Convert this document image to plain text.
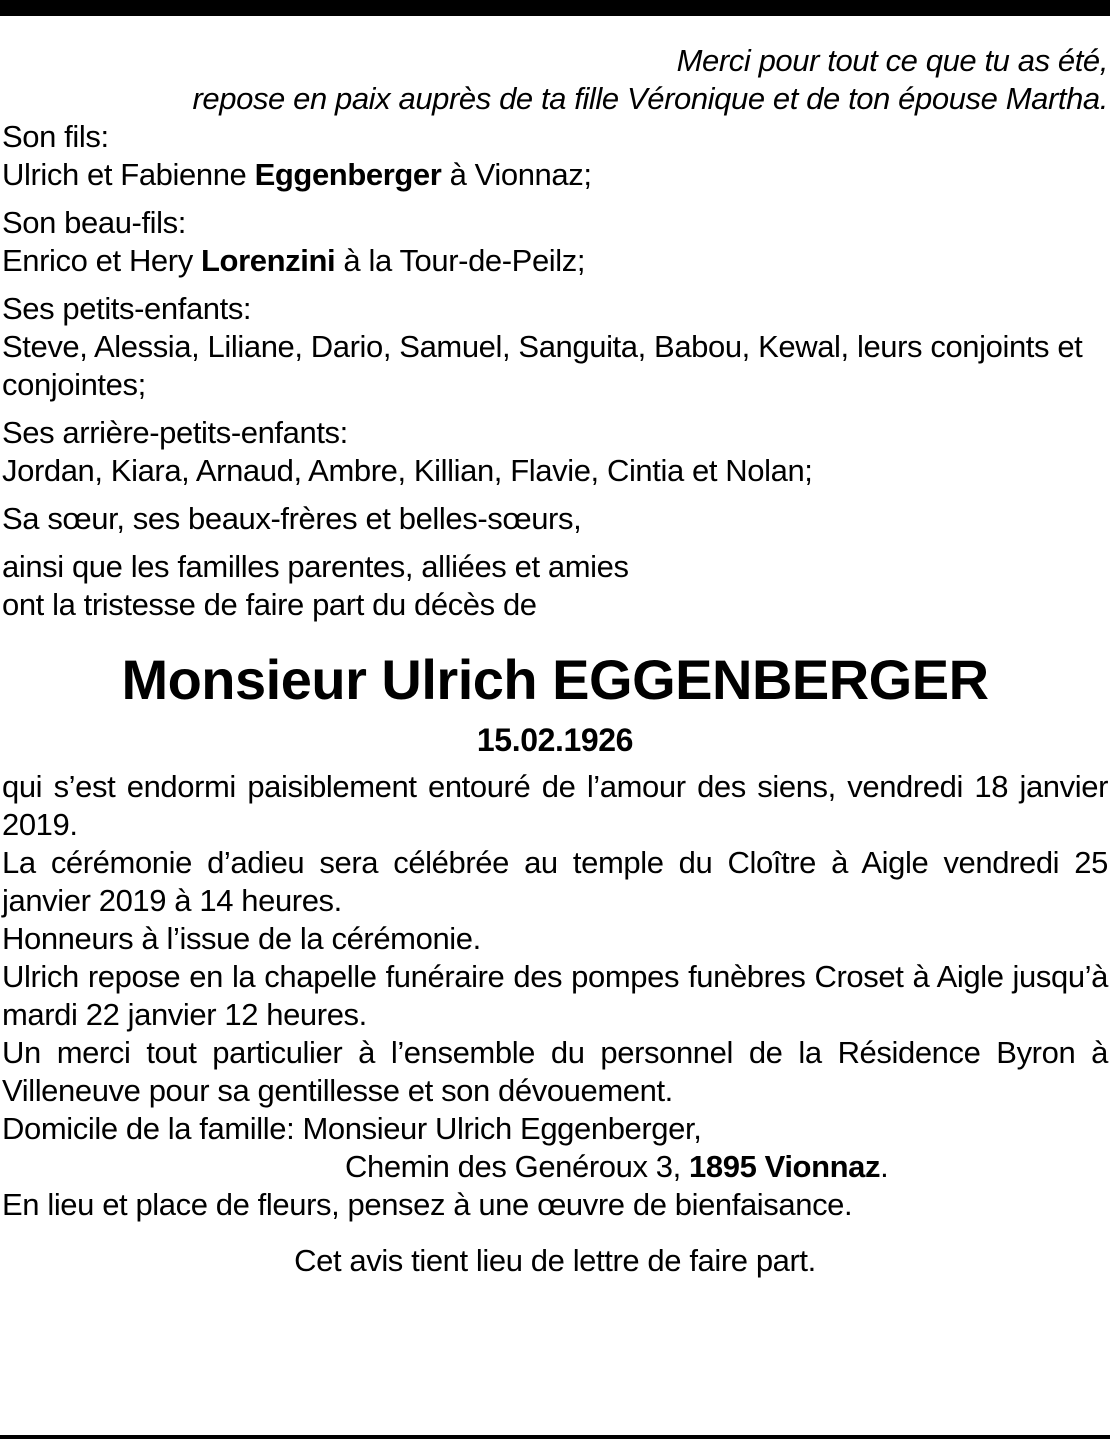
Merci pour tout ce que tu as été,
repose en paix auprès de ta fille Véronique et de ton épouse Martha.
Son fils:
Ulrich et Fabienne Eggenberger à Vionnaz;
Son beau-fils:
Enrico et Hery Lorenzini à la Tour-de-Peilz;
Ses petits-enfants:
Steve, Alessia, Liliane, Dario, Samuel, Sanguita, Babou, Kewal, leurs conjoints et conjointes;
Ses arrière-petits-enfants:
Jordan, Kiara, Arnaud, Ambre, Killian, Flavie, Cintia et Nolan;
Sa sœur, ses beaux-frères et belles-sœurs,
ainsi que les familles parentes, alliées et amies
ont la tristesse de faire part du décès de
Monsieur Ulrich EGGENBERGER
15.02.1926
qui s’est endormi paisiblement entouré de l’amour des siens, vendredi 18 janvier 2019.
La cérémonie d’adieu sera célébrée au temple du Cloître à Aigle vendredi 25 janvier 2019 à 14 heures.
Honneurs à l’issue de la cérémonie.
Ulrich repose en la chapelle funéraire des pompes funèbres Croset à Aigle jusqu’à mardi 22 janvier 12 heures.
Un merci tout particulier à l’ensemble du personnel de la Résidence Byron à Villeneuve pour sa gentillesse et son dévouement.
Domicile de la famille: Monsieur Ulrich Eggenberger,
Chemin des Genéroux 3, 1895 Vionnaz.
En lieu et place de fleurs, pensez à une œuvre de bienfaisance.
Cet avis tient lieu de lettre de faire part.
